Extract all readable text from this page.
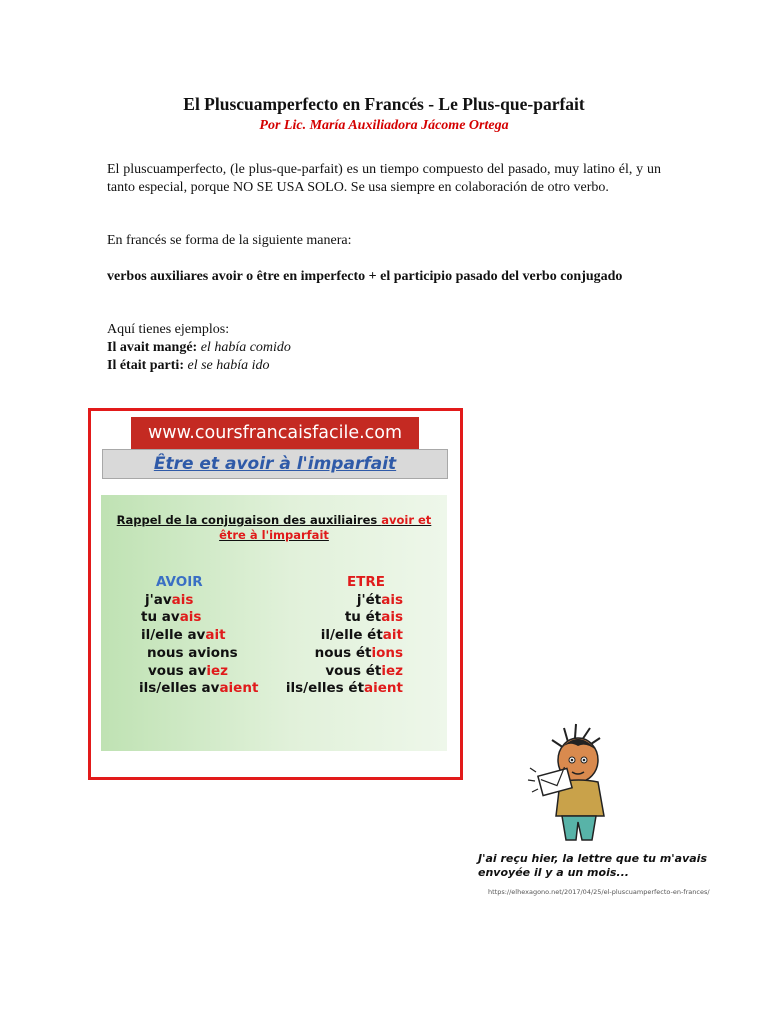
El Pluscuamperfecto en Francés - Le Plus-que-parfait
Por Lic. María Auxiliadora Jácome Ortega
El pluscuamperfecto, (le plus-que-parfait) es un tiempo compuesto del pasado, muy latino él, y un tanto especial, porque NO SE USA SOLO. Se usa siempre en colaboración de otro verbo.
En francés se forma de la siguiente manera:
verbos auxiliares avoir o être en imperfecto + el participio pasado del verbo conjugado
Aquí tienes ejemplos:
Il avait mangé: el había comido
Il était parti: el se había ido
www.coursfrancaisfacile.com
Être et avoir à l'imparfait
Rappel de la conjugaison des auxiliaires avoir et être à l'imparfait
AVOIR
j'avais
tu avais
il/elle avait
nous avions
vous aviez
ils/elles avaient
ETRE
j'étais
tu étais
il/elle était
nous étions
vous étiez
ils/elles étaient
J'ai reçu hier, la lettre que tu m'avais envoyée il y a un mois...
https://elhexagono.net/2017/04/25/el-pluscuamperfecto-en-frances/
